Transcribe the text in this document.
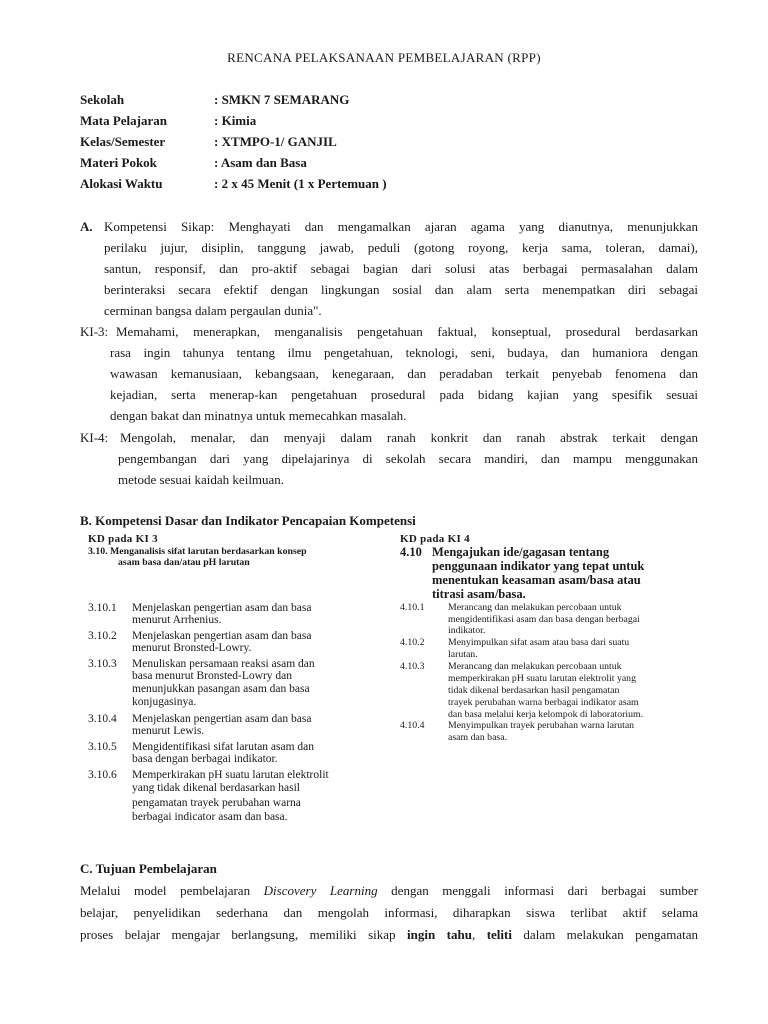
RENCANA PELAKSANAAN PEMBELAJARAN (RPP)
Sekolah	: SMKN 7 SEMARANG
Mata Pelajaran	: Kimia
Kelas/Semester	: XTMPO-1/ GANJIL
Materi Pokok	: Asam dan Basa
Alokasi Waktu	: 2 x 45 Menit (1 x Pertemuan )
A. Kompetensi Sikap: Menghayati dan mengamalkan ajaran agama yang dianutnya, menunjukkan
perilaku jujur, disiplin, tanggung jawab, peduli (gotong royong, kerja sama, toleran, damai),
santun, responsif, dan pro-aktif sebagai bagian dari solusi atas berbagai permasalahan dalam
berinteraksi secara efektif dengan lingkungan sosial dan alam serta menempatkan diri sebagai
cerminan bangsa dalam pergaulan dunia".
KI-3: Memahami, menerapkan, menganalisis pengetahuan faktual, konseptual, prosedural berdasarkan
rasa ingin tahunya tentang ilmu pengetahuan, teknologi, seni, budaya, dan humaniora dengan
wawasan kemanusiaan, kebangsaan, kenegaraan, dan peradaban terkait penyebab fenomena dan
kejadian, serta menerap-kan pengetahuan prosedural pada bidang kajian yang spesifik sesuai
dengan bakat dan minatnya untuk memecahkan masalah.
KI-4: Mengolah, menalar, dan menyaji dalam ranah konkrit dan ranah abstrak terkait dengan
pengembangan dari yang dipelajarinya di sekolah secara mandiri, dan mampu menggunakan
metode sesuai kaidah keilmuan.
B. Kompetensi Dasar dan Indikator Pencapaian Kompetensi
KD pada KI 3
3.10. Menganalisis sifat larutan berdasarkan konsep
asam basa dan/atau pH larutan
3.10.1 Menjelaskan pengertian asam dan basa
menurut Arrhenius.
3.10.2 Menjelaskan pengertian asam dan basa
menurut Bronsted-Lowry.
3.10.3 Menuliskan persamaan reaksi asam dan
basa menurut Bronsted-Lowry dan
menunjukkan pasangan asam dan basa
konjugasinya.
3.10.4 Menjelaskan pengertian asam dan basa
menurut Lewis.
3.10.5 Mengidentifikasi sifat larutan asam dan
basa dengan berbagai indikator.
3.10.6 Memperkirakan pH suatu larutan elektrolit
yang tidak dikenal berdasarkan hasil
pengamatan trayek perubahan warna
berbagai indicator asam dan basa.
KD pada KI 4
4.10 Mengajukan ide/gagasan tentang
penggunaan indikator yang tepat untuk
menentukan keasaman asam/basa atau
titrasi asam/basa.
4.10.1 Merancang dan melakukan percobaan untuk
mengidentifikasi asam dan basa dengan berbagai
indikator.
4.10.2 Menyimpulkan sifat asam atau basa dari suatu
larutan.
4.10.3 Merancang dan melakukan percobaan untuk
memperkirakan pH suatu larutan elektrolit yang
tidak dikenal berdasarkan hasil pengamatan
trayek perubahan warna berbagai indikator asam
dan basa melalui kerja kelompok di laboratorium.
4.10.4 Menyimpulkan trayek perubahan warna larutan
asam dan basa.
C. Tujuan Pembelajaran
Melalui model pembelajaran Discovery Learning dengan menggali informasi dari berbagai sumber
belajar, penyelidikan sederhana dan mengolah informasi, diharapkan siswa terlibat aktif selama
proses belajar mengajar berlangsung, memiliki sikap ingin tahu, teliti dalam melakukan pengamatan
